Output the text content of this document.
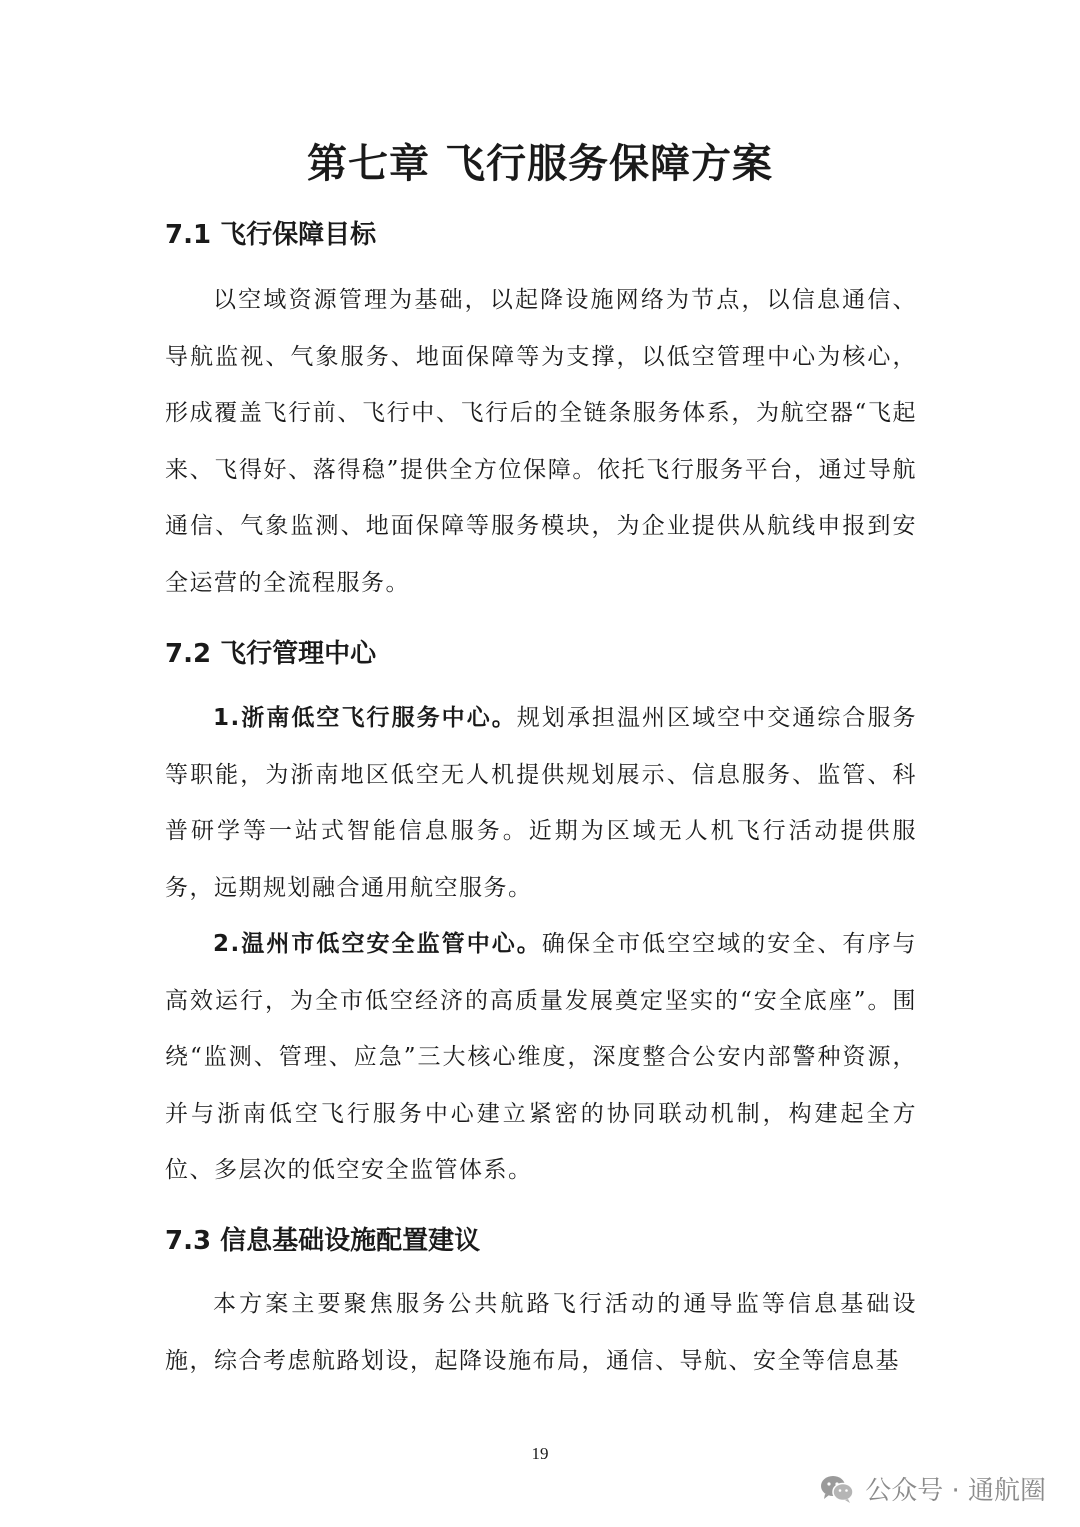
第七章 飞行服务保障方案
7.1 飞行保障目标

以空域资源管理为基础，以起降设施网络为节点，以信息通信、导航监视、气象服务、地面保障等为支撑，以低空管理中心为核心，形成覆盖飞行前、飞行中、飞行后的全链条服务体系，为航空器“飞起来、飞得好、落得稳”提供全方位保障。依托飞行服务平台，通过导航通信、气象监测、地面保障等服务模块，为企业提供从航线申报到安全运营的全流程服务。

7.2 飞行管理中心

1.浙南低空飞行服务中心。规划承担温州区域空中交通综合服务等职能，为浙南地区低空无人机提供规划展示、信息服务、监管、科普研学等一站式智能信息服务。近期为区域无人机飞行活动提供服务，远期规划融合通用航空服务。

2.温州市低空安全监管中心。确保全市低空空域的安全、有序与高效运行，为全市低空经济的高质量发展奠定坚实的“安全底座”。围绕“监测、管理、应急”三大核心维度，深度整合公安内部警种资源，并与浙南低空飞行服务中心建立紧密的协同联动机制，构建起全方位、多层次的低空安全监管体系。

7.3 信息基础设施配置建议

本方案主要聚焦服务公共航路飞行活动的通导监等信息基础设施，综合考虑航路划设，起降设施布局，通信、导航、安全等信息基

19
公众号 · 通航圈
